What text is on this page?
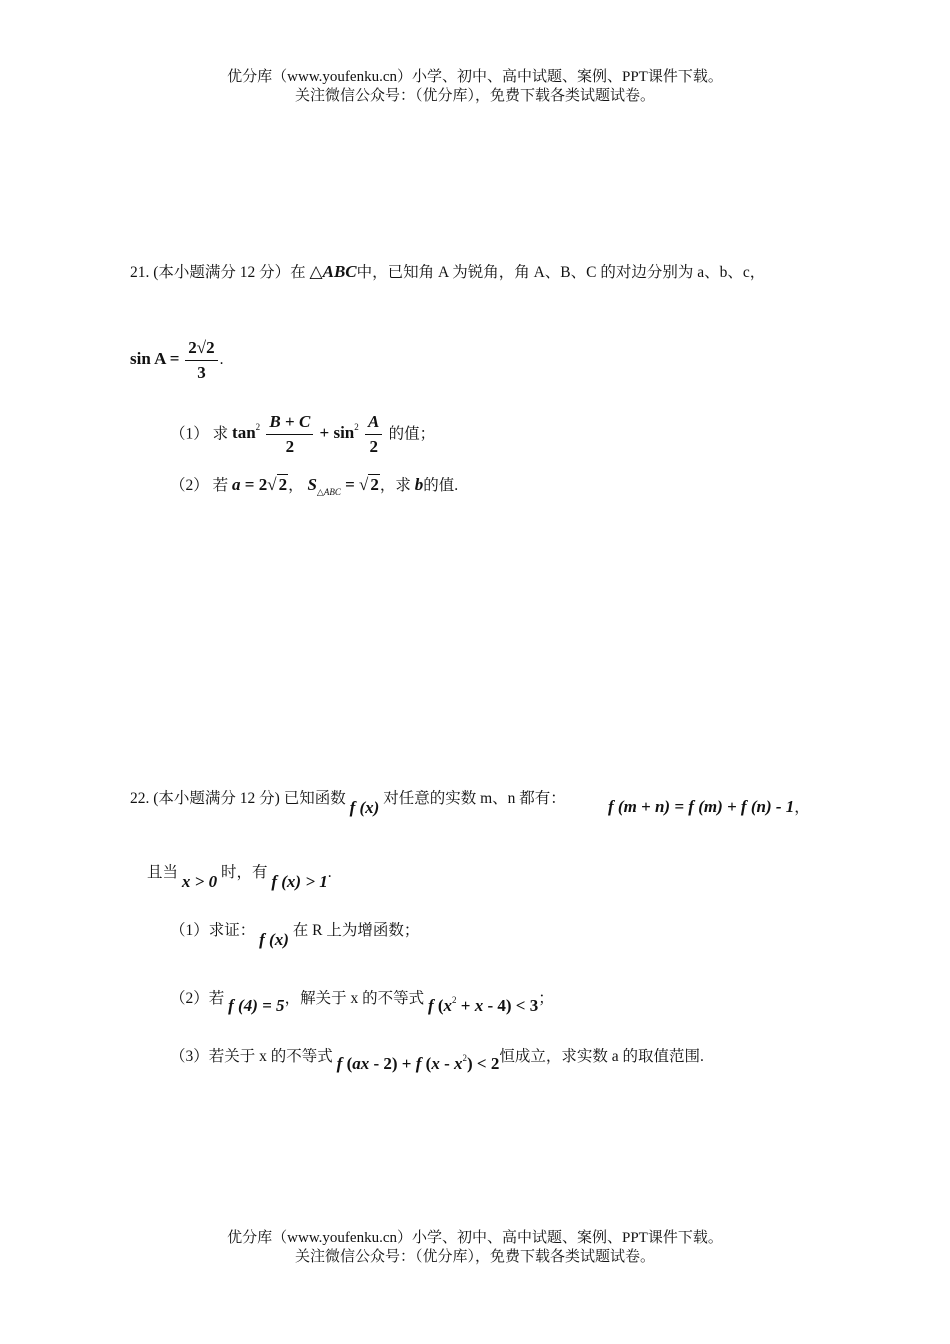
优分库（www.youfenku.cn）小学、初中、高中试题、案例、PPT课件下载。
关注微信公众号：（优分库），免费下载各类试题试卷。
21. (本小题满分 12 分）在 △ABC中，已知角 A 为锐角，角 A、B、C 的对边分别为 a、b、c，
$\sin A = \frac{2√2}{3}$ .
（1） 求 $\tan^2 \frac{B + C}{2} + \sin^2 \frac{A}{2}$ 的值；
（2） 若 a = 2√ 2， $S_{\triangle ABC}$ = √ 2，求 b的值.
22. (本小题满分 12 分) 已知函数 f (x) 对任意的实数 m、n 都有： f (m + n) = f (m) + f (n) - 1，
且当 x > 0 时，有 f (x) > 1.
（1）求证： f (x) 在 R 上为增函数；
（2）若 f (4) = 5，解关于 x 的不等式 f $(x^2 + x - 4) < 3$；
（3）若关于 x 的不等式 f (ax - 2) + f $(x - x^2) < 2$恒成立，求实数 a 的取值范围.
优分库（www.youfenku.cn）小学、初中、高中试题、案例、PPT课件下载。
关注微信公众号：（优分库），免费下载各类试题试卷。
